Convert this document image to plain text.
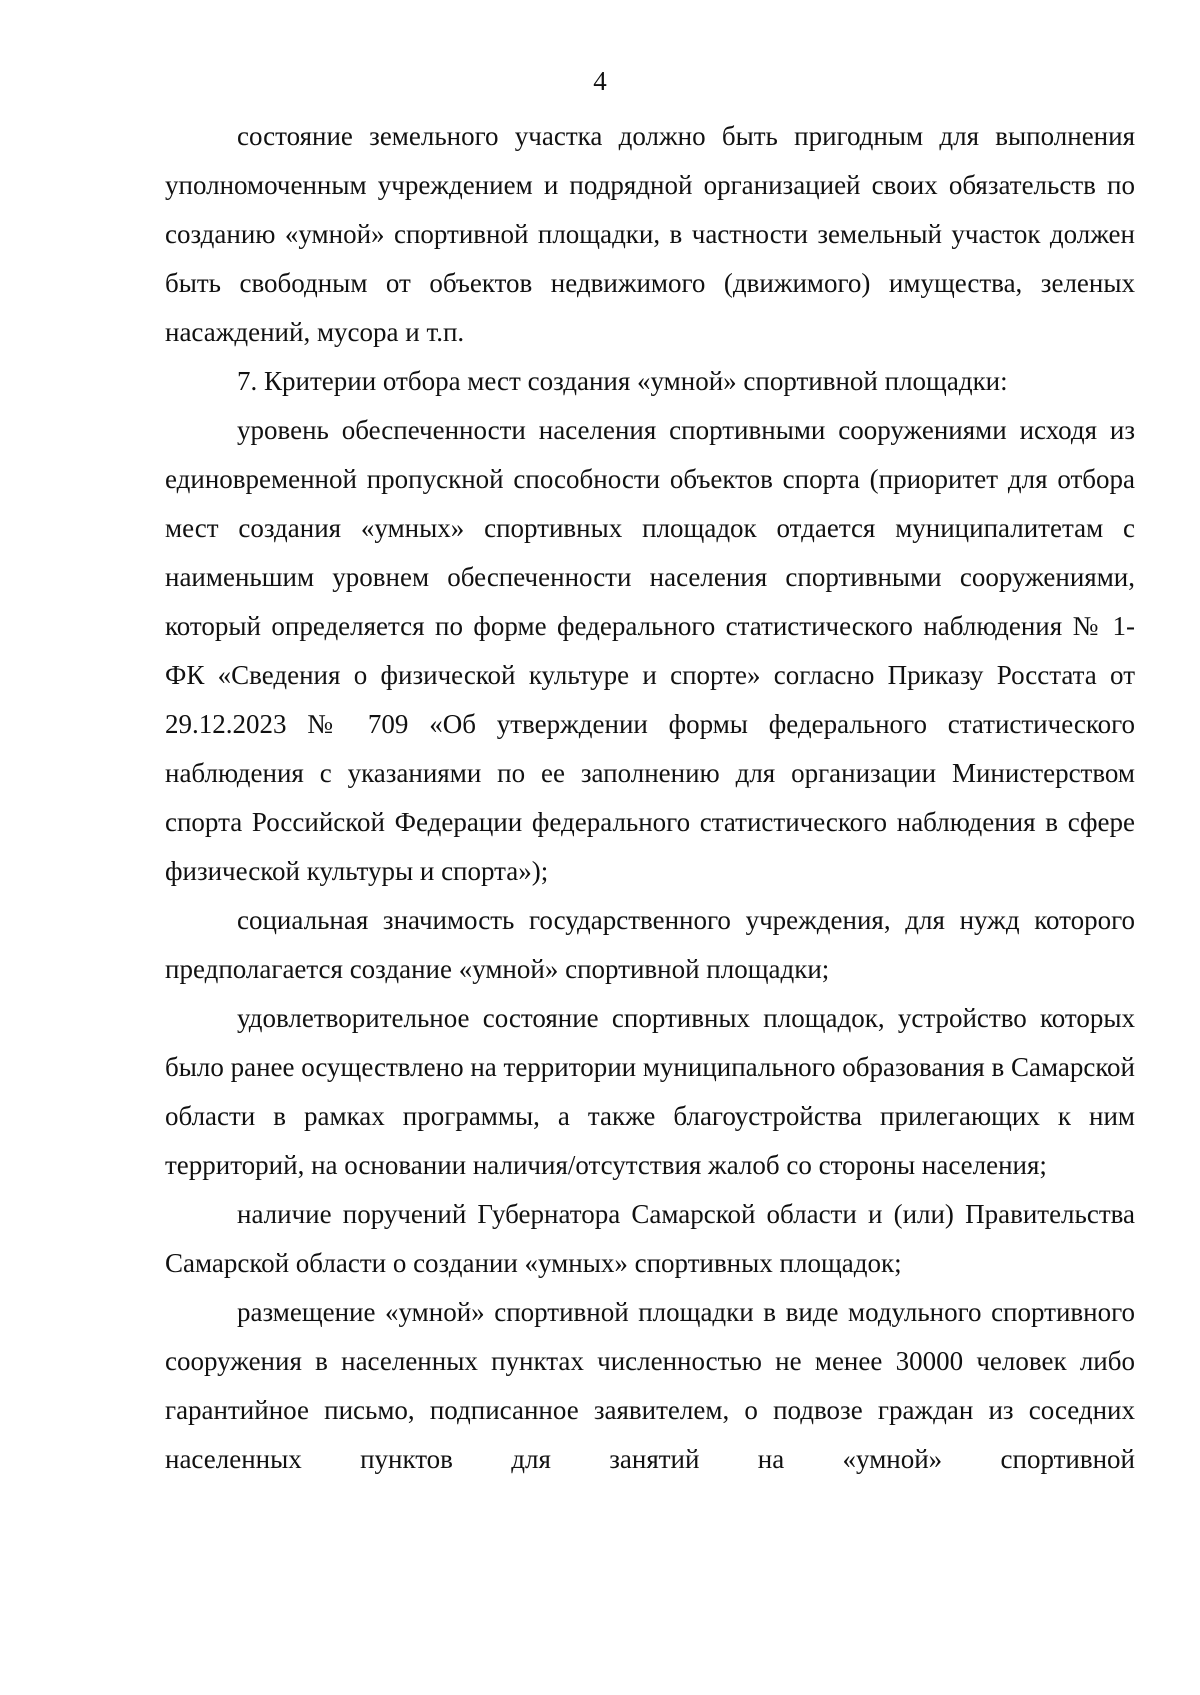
4

состояние земельного участка должно быть пригодным для выполнения уполномоченным учреждением и подрядной организацией своих обязательств по созданию «умной» спортивной площадки, в частности земельный участок должен быть свободным от объектов недвижимого (движимого) имущества, зеленых насаждений, мусора и т.п.

7. Критерии отбора мест создания «умной» спортивной площадки:

уровень обеспеченности населения спортивными сооружениями исходя из единовременной пропускной способности объектов спорта (приоритет для отбора мест создания «умных» спортивных площадок отдается муниципалитетам с наименьшим уровнем обеспеченности населения спортивными сооружениями, который определяется по форме федерального статистического наблюдения № 1-ФК «Сведения о физической культуре и спорте» согласно Приказу Росстата от 29.12.2023 № 709 «Об утверждении формы федерального статистического наблюдения с указаниями по ее заполнению для организации Министерством спорта Российской Федерации федерального статистического наблюдения в сфере физической культуры и спорта»);

социальная значимость государственного учреждения, для нужд которого предполагается создание «умной» спортивной площадки;

удовлетворительное состояние спортивных площадок, устройство которых было ранее осуществлено на территории муниципального образования в Самарской области в рамках программы, а также благоустройства прилегающих к ним территорий, на основании наличия/отсутствия жалоб со стороны населения;

наличие поручений Губернатора Самарской области и (или) Правительства Самарской области о создании «умных» спортивных площадок;

размещение «умной» спортивной площадки в виде модульного спортивного сооружения в населенных пунктах численностью не менее 30000 человек либо гарантийное письмо, подписанное заявителем, о подвозе граждан из соседних населенных пунктов для занятий на «умной» спортивной
